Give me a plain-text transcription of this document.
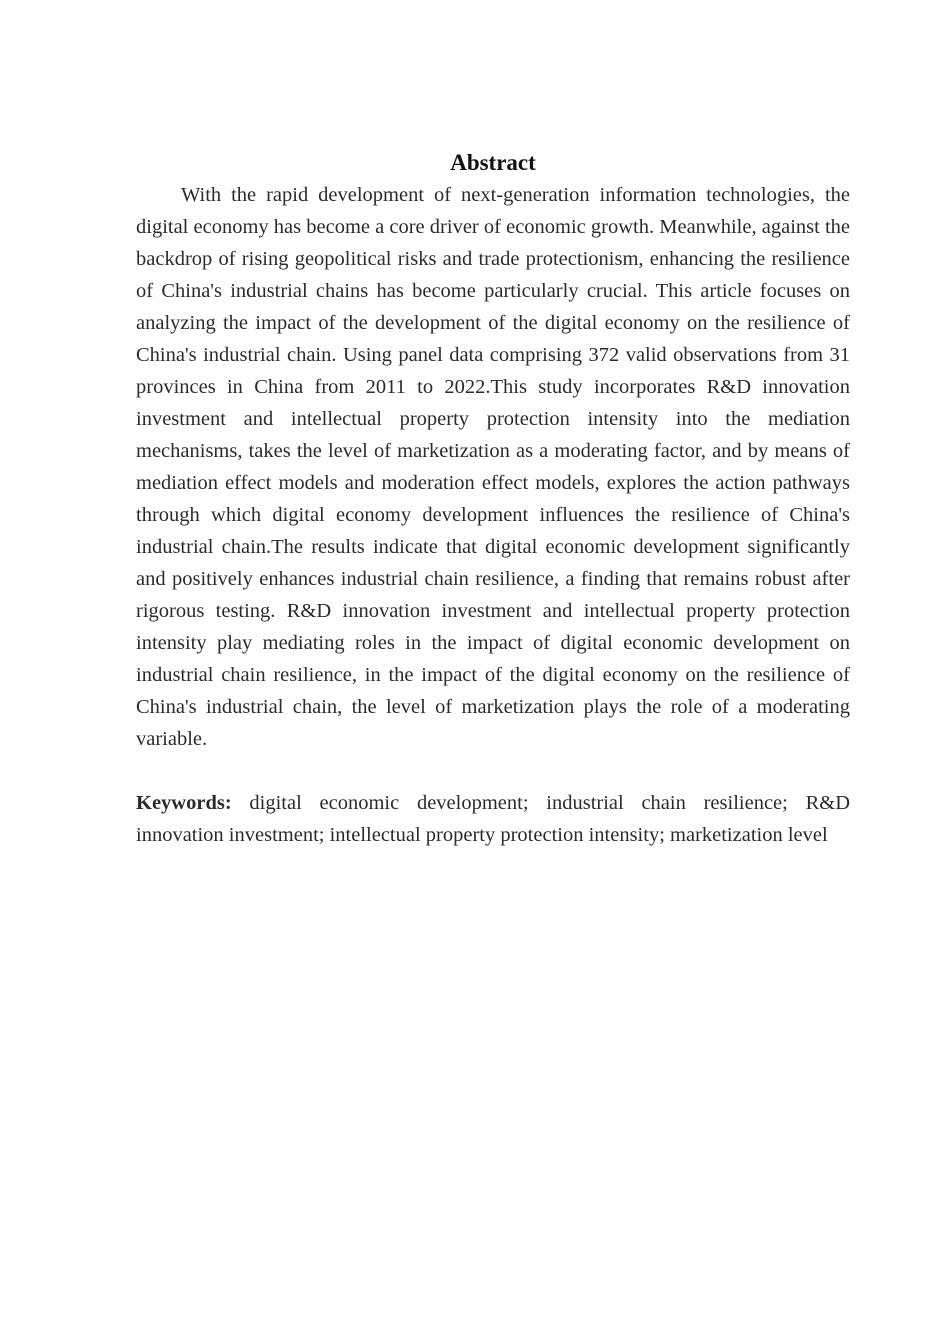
Abstract

With the rapid development of next-generation information technologies, the digital economy has become a core driver of economic growth. Meanwhile, against the backdrop of rising geopolitical risks and trade protectionism, enhancing the resilience of China's industrial chains has become particularly crucial. This article focuses on analyzing the impact of the development of the digital economy on the resilience of China's industrial chain. Using panel data comprising 372 valid observations from 31 provinces in China from 2011 to 2022.This study incorporates R&D innovation investment and intellectual property protection intensity into the mediation mechanisms, takes the level of marketization as a moderating factor, and by means of mediation effect models and moderation effect models, explores the action pathways through which digital economy development influences the resilience of China's industrial chain.The results indicate that digital economic development significantly and positively enhances industrial chain resilience, a finding that remains robust after rigorous testing. R&D innovation investment and intellectual property protection intensity play mediating roles in the impact of digital economic development on industrial chain resilience, in the impact of the digital economy on the resilience of China's industrial chain, the level of marketization plays the role of a moderating variable.

Keywords: digital economic development; industrial chain resilience; R&D innovation investment; intellectual property protection intensity; marketization level
